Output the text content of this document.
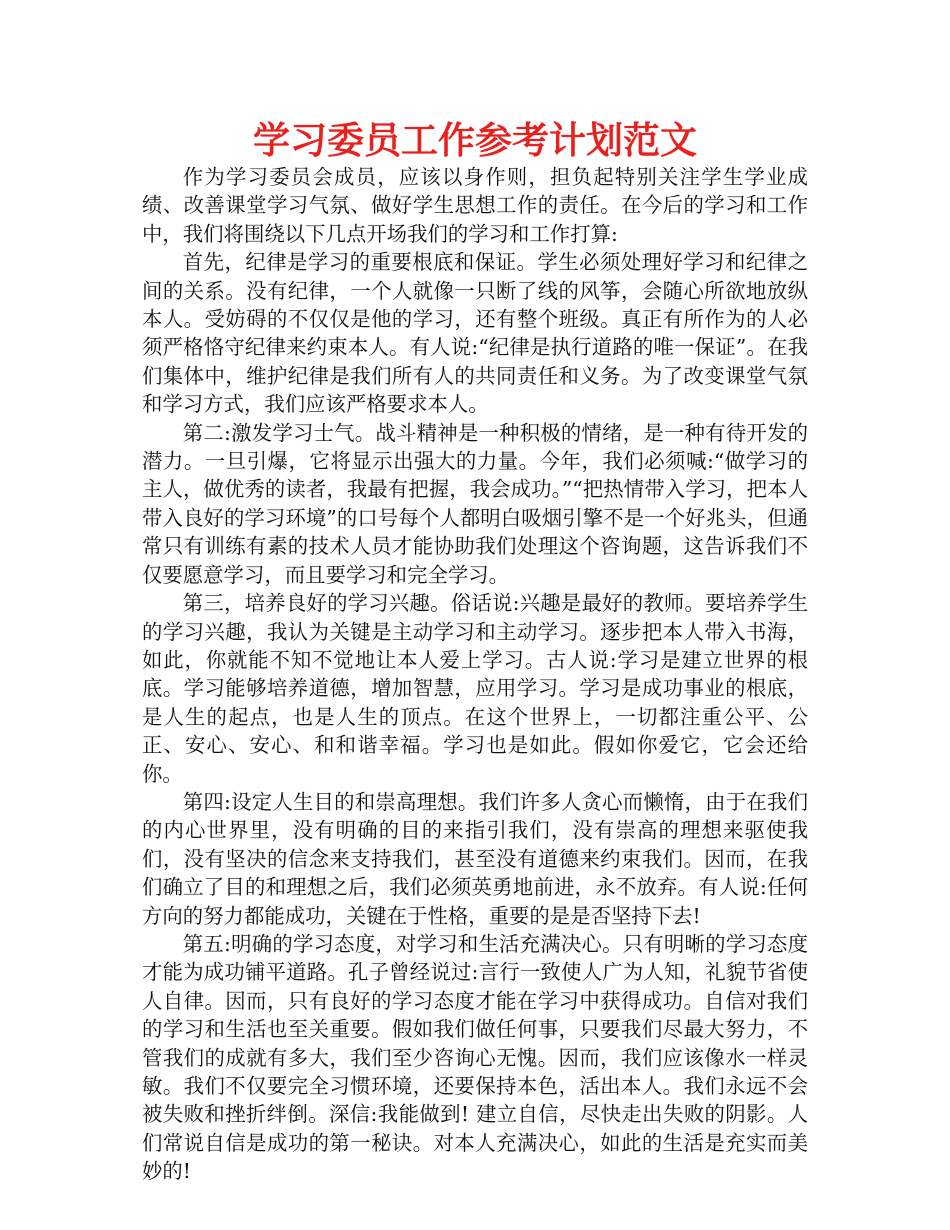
学习委员工作参考计划范文

作为学习委员会成员，应该以身作则，担负起特别关注学生学业成绩、改善课堂学习气氛、做好学生思想工作的责任。在今后的学习和工作中，我们将围绕以下几点开场我们的学习和工作打算:

首先，纪律是学习的重要根底和保证。学生必须处理好学习和纪律之间的关系。没有纪律，一个人就像一只断了线的风筝，会随心所欲地放纵本人。受妨碍的不仅仅是他的学习，还有整个班级。真正有所作为的人必须严格恪守纪律来约束本人。有人说:“纪律是执行道路的唯一保证”。在我们集体中，维护纪律是我们所有人的共同责任和义务。为了改变课堂气氛和学习方式，我们应该严格要求本人。

第二:激发学习士气。战斗精神是一种积极的情绪，是一种有待开发的潜力。一旦引爆，它将显示出强大的力量。今年，我们必须喊:“做学习的主人，做优秀的读者，我最有把握，我会成功。”“把热情带入学习，把本人带入良好的学习环境”的口号每个人都明白吸烟引擎不是一个好兆头，但通常只有训练有素的技术人员才能协助我们处理这个咨询题，这告诉我们不仅要愿意学习，而且要学习和完全学习。

第三，培养良好的学习兴趣。俗话说:兴趣是最好的教师。要培养学生的学习兴趣，我认为关键是主动学习和主动学习。逐步把本人带入书海，如此，你就能不知不觉地让本人爱上学习。古人说:学习是建立世界的根底。学习能够培养道德，增加智慧，应用学习。学习是成功事业的根底，是人生的起点，也是人生的顶点。在这个世界上，一切都注重公平、公正、安心、安心、和和谐幸福。学习也是如此。假如你爱它，它会还给你。

第四:设定人生目的和崇高理想。我们许多人贪心而懒惰，由于在我们的内心世界里，没有明确的目的来指引我们，没有崇高的理想来驱使我们，没有坚决的信念来支持我们，甚至没有道德来约束我们。因而，在我们确立了目的和理想之后，我们必须英勇地前进，永不放弃。有人说:任何方向的努力都能成功，关键在于性格，重要的是是否坚持下去!

第五:明确的学习态度，对学习和生活充满决心。只有明晰的学习态度才能为成功铺平道路。孔子曾经说过:言行一致使人广为人知，礼貌节省使人自律。因而，只有良好的学习态度才能在学习中获得成功。自信对我们的学习和生活也至关重要。假如我们做任何事，只要我们尽最大努力，不管我们的成就有多大，我们至少咨询心无愧。因而，我们应该像水一样灵敏。我们不仅要完全习惯环境，还要保持本色，活出本人。我们永远不会被失败和挫折绊倒。深信:我能做到! 建立自信，尽快走出失败的阴影。人们常说自信是成功的第一秘诀。对本人充满决心，如此的生活是充实而美妙的!
